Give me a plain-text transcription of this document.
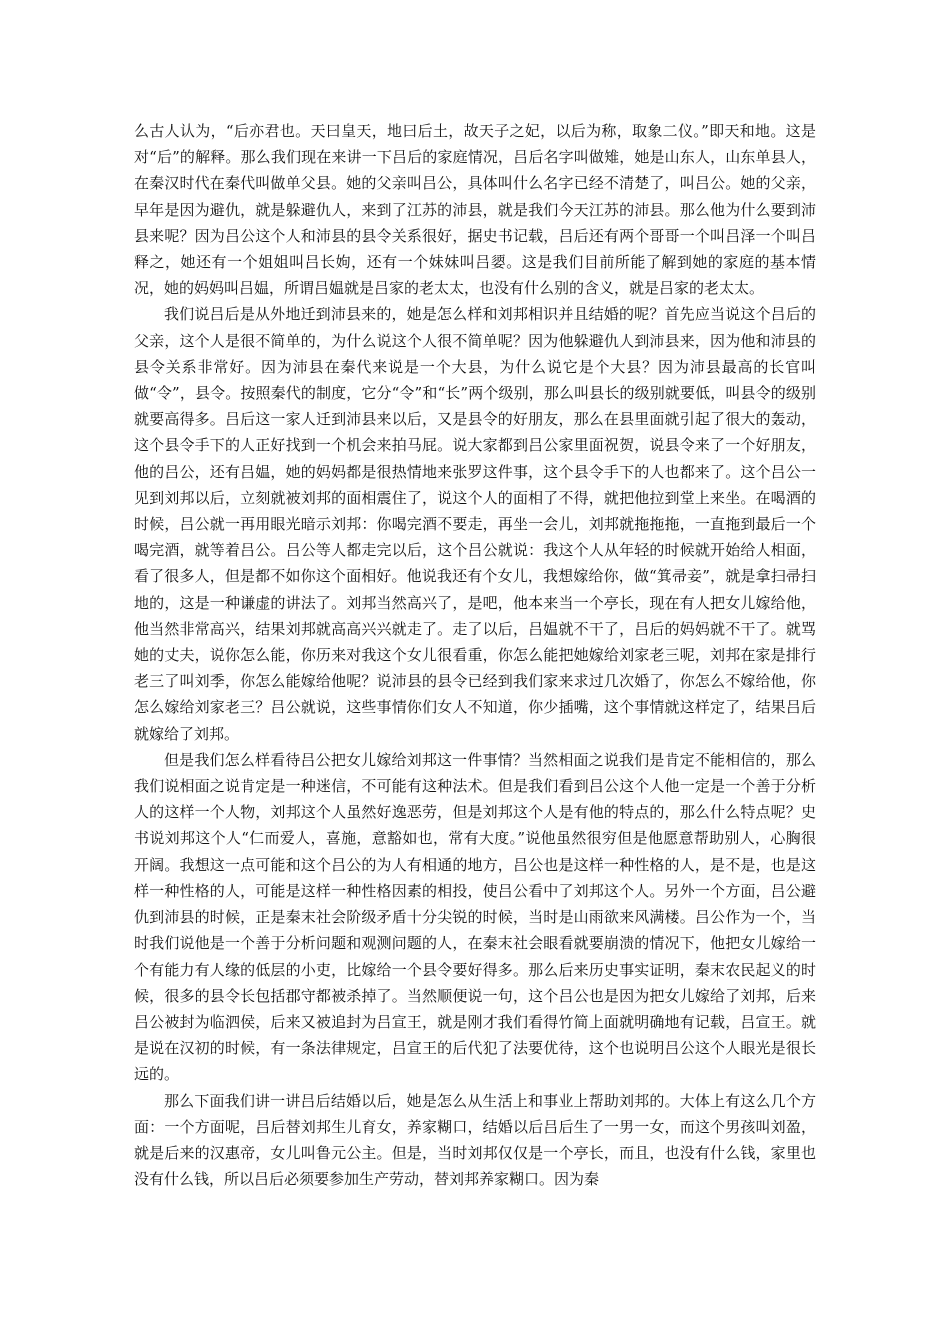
么古人认为，“后亦君也。天曰皇天，地曰后土，故天子之妃，以后为称，取象二仪。”即天和地。这是对“后”的解释。那么我们现在来讲一下吕后的家庭情况，吕后名字叫做雉，她是山东人，山东单县人，在秦汉时代在秦代叫做单父县。她的父亲叫吕公，具体叫什么名字已经不清楚了，叫吕公。她的父亲，早年是因为避仇，就是躲避仇人，来到了江苏的沛县，就是我们今天江苏的沛县。那么他为什么要到沛县来呢？因为吕公这个人和沛县的县令关系很好，据史书记载，吕后还有两个哥哥一个叫吕泽一个叫吕释之，她还有一个姐姐叫吕长姁，还有一个妹妹叫吕媭。这是我们目前所能了解到她的家庭的基本情况，她的妈妈叫吕媪，所谓吕媪就是吕家的老太太，也没有什么别的含义，就是吕家的老太太。

我们说吕后是从外地迁到沛县来的，她是怎么样和刘邦相识并且结婚的呢？首先应当说这个吕后的父亲，这个人是很不简单的，为什么说这个人很不简单呢？因为他躲避仇人到沛县来，因为他和沛县的县令关系非常好。因为沛县在秦代来说是一个大县，为什么说它是个大县？因为沛县最高的长官叫做“令”，县令。按照秦代的制度，它分“令”和“长”两个级别，那么叫县长的级别就要低，叫县令的级别就要高得多。吕后这一家人迁到沛县来以后，又是县令的好朋友，那么在县里面就引起了很大的轰动，这个县令手下的人正好找到一个机会来拍马屁。说大家都到吕公家里面祝贺，说县令来了一个好朋友，他的吕公，还有吕媪，她的妈妈都是很热情地来张罗这件事，这个县令手下的人也都来了。这个吕公一见到刘邦以后，立刻就被刘邦的面相震住了，说这个人的面相了不得，就把他拉到堂上来坐。在喝酒的时候，吕公就一再用眼光暗示刘邦：你喝完酒不要走，再坐一会儿，刘邦就拖拖拖，一直拖到最后一个喝完酒，就等着吕公。吕公等人都走完以后，这个吕公就说：我这个人从年轻的时候就开始给人相面，看了很多人，但是都不如你这个面相好。他说我还有个女儿，我想嫁给你，做“箕帚妾”，就是拿扫帚扫地的，这是一种谦虚的讲法了。刘邦当然高兴了，是吧，他本来当一个亭长，现在有人把女儿嫁给他，他当然非常高兴，结果刘邦就高高兴兴就走了。走了以后，吕媪就不干了，吕后的妈妈就不干了。就骂她的丈夫，说你怎么能，你历来对我这个女儿很看重，你怎么能把她嫁给刘家老三呢，刘邦在家是排行老三了叫刘季，你怎么能嫁给他呢？说沛县的县令已经到我们家来求过几次婚了，你怎么不嫁给他，你怎么嫁给刘家老三？吕公就说，这些事情你们女人不知道，你少插嘴，这个事情就这样定了，结果吕后就嫁给了刘邦。

但是我们怎么样看待吕公把女儿嫁给刘邦这一件事情？当然相面之说我们是肯定不能相信的，那么我们说相面之说肯定是一种迷信，不可能有这种法术。但是我们看到吕公这个人他一定是一个善于分析人的这样一个人物，刘邦这个人虽然好逸恶劳，但是刘邦这个人是有他的特点的，那么什么特点呢？史书说刘邦这个人“仁而爱人，喜施，意豁如也，常有大度。”说他虽然很穷但是他愿意帮助别人，心胸很开阔。我想这一点可能和这个吕公的为人有相通的地方，吕公也是这样一种性格的人，是不是，也是这样一种性格的人，可能是这样一种性格因素的相投，使吕公看中了刘邦这个人。另外一个方面，吕公避仇到沛县的时候，正是秦末社会阶级矛盾十分尖锐的时候，当时是山雨欲来风满楼。吕公作为一个，当时我们说他是一个善于分析问题和观测问题的人，在秦末社会眼看就要崩溃的情况下，他把女儿嫁给一个有能力有人缘的低层的小吏，比嫁给一个县令要好得多。那么后来历史事实证明，秦末农民起义的时候，很多的县令长包括郡守都被杀掉了。当然顺便说一句，这个吕公也是因为把女儿嫁给了刘邦，后来吕公被封为临泗侯，后来又被追封为吕宣王，就是刚才我们看得竹简上面就明确地有记载，吕宣王。就是说在汉初的时候，有一条法律规定，吕宣王的后代犯了法要优待，这个也说明吕公这个人眼光是很长远的。

那么下面我们讲一讲吕后结婚以后，她是怎么从生活上和事业上帮助刘邦的。大体上有这么几个方面：一个方面呢，吕后替刘邦生儿育女，养家糊口，结婚以后吕后生了一男一女，而这个男孩叫刘盈，就是后来的汉惠帝，女儿叫鲁元公主。但是，当时刘邦仅仅是一个亭长，而且，也没有什么钱，家里也没有什么钱，所以吕后必须要参加生产劳动，替刘邦养家糊口。因为秦
